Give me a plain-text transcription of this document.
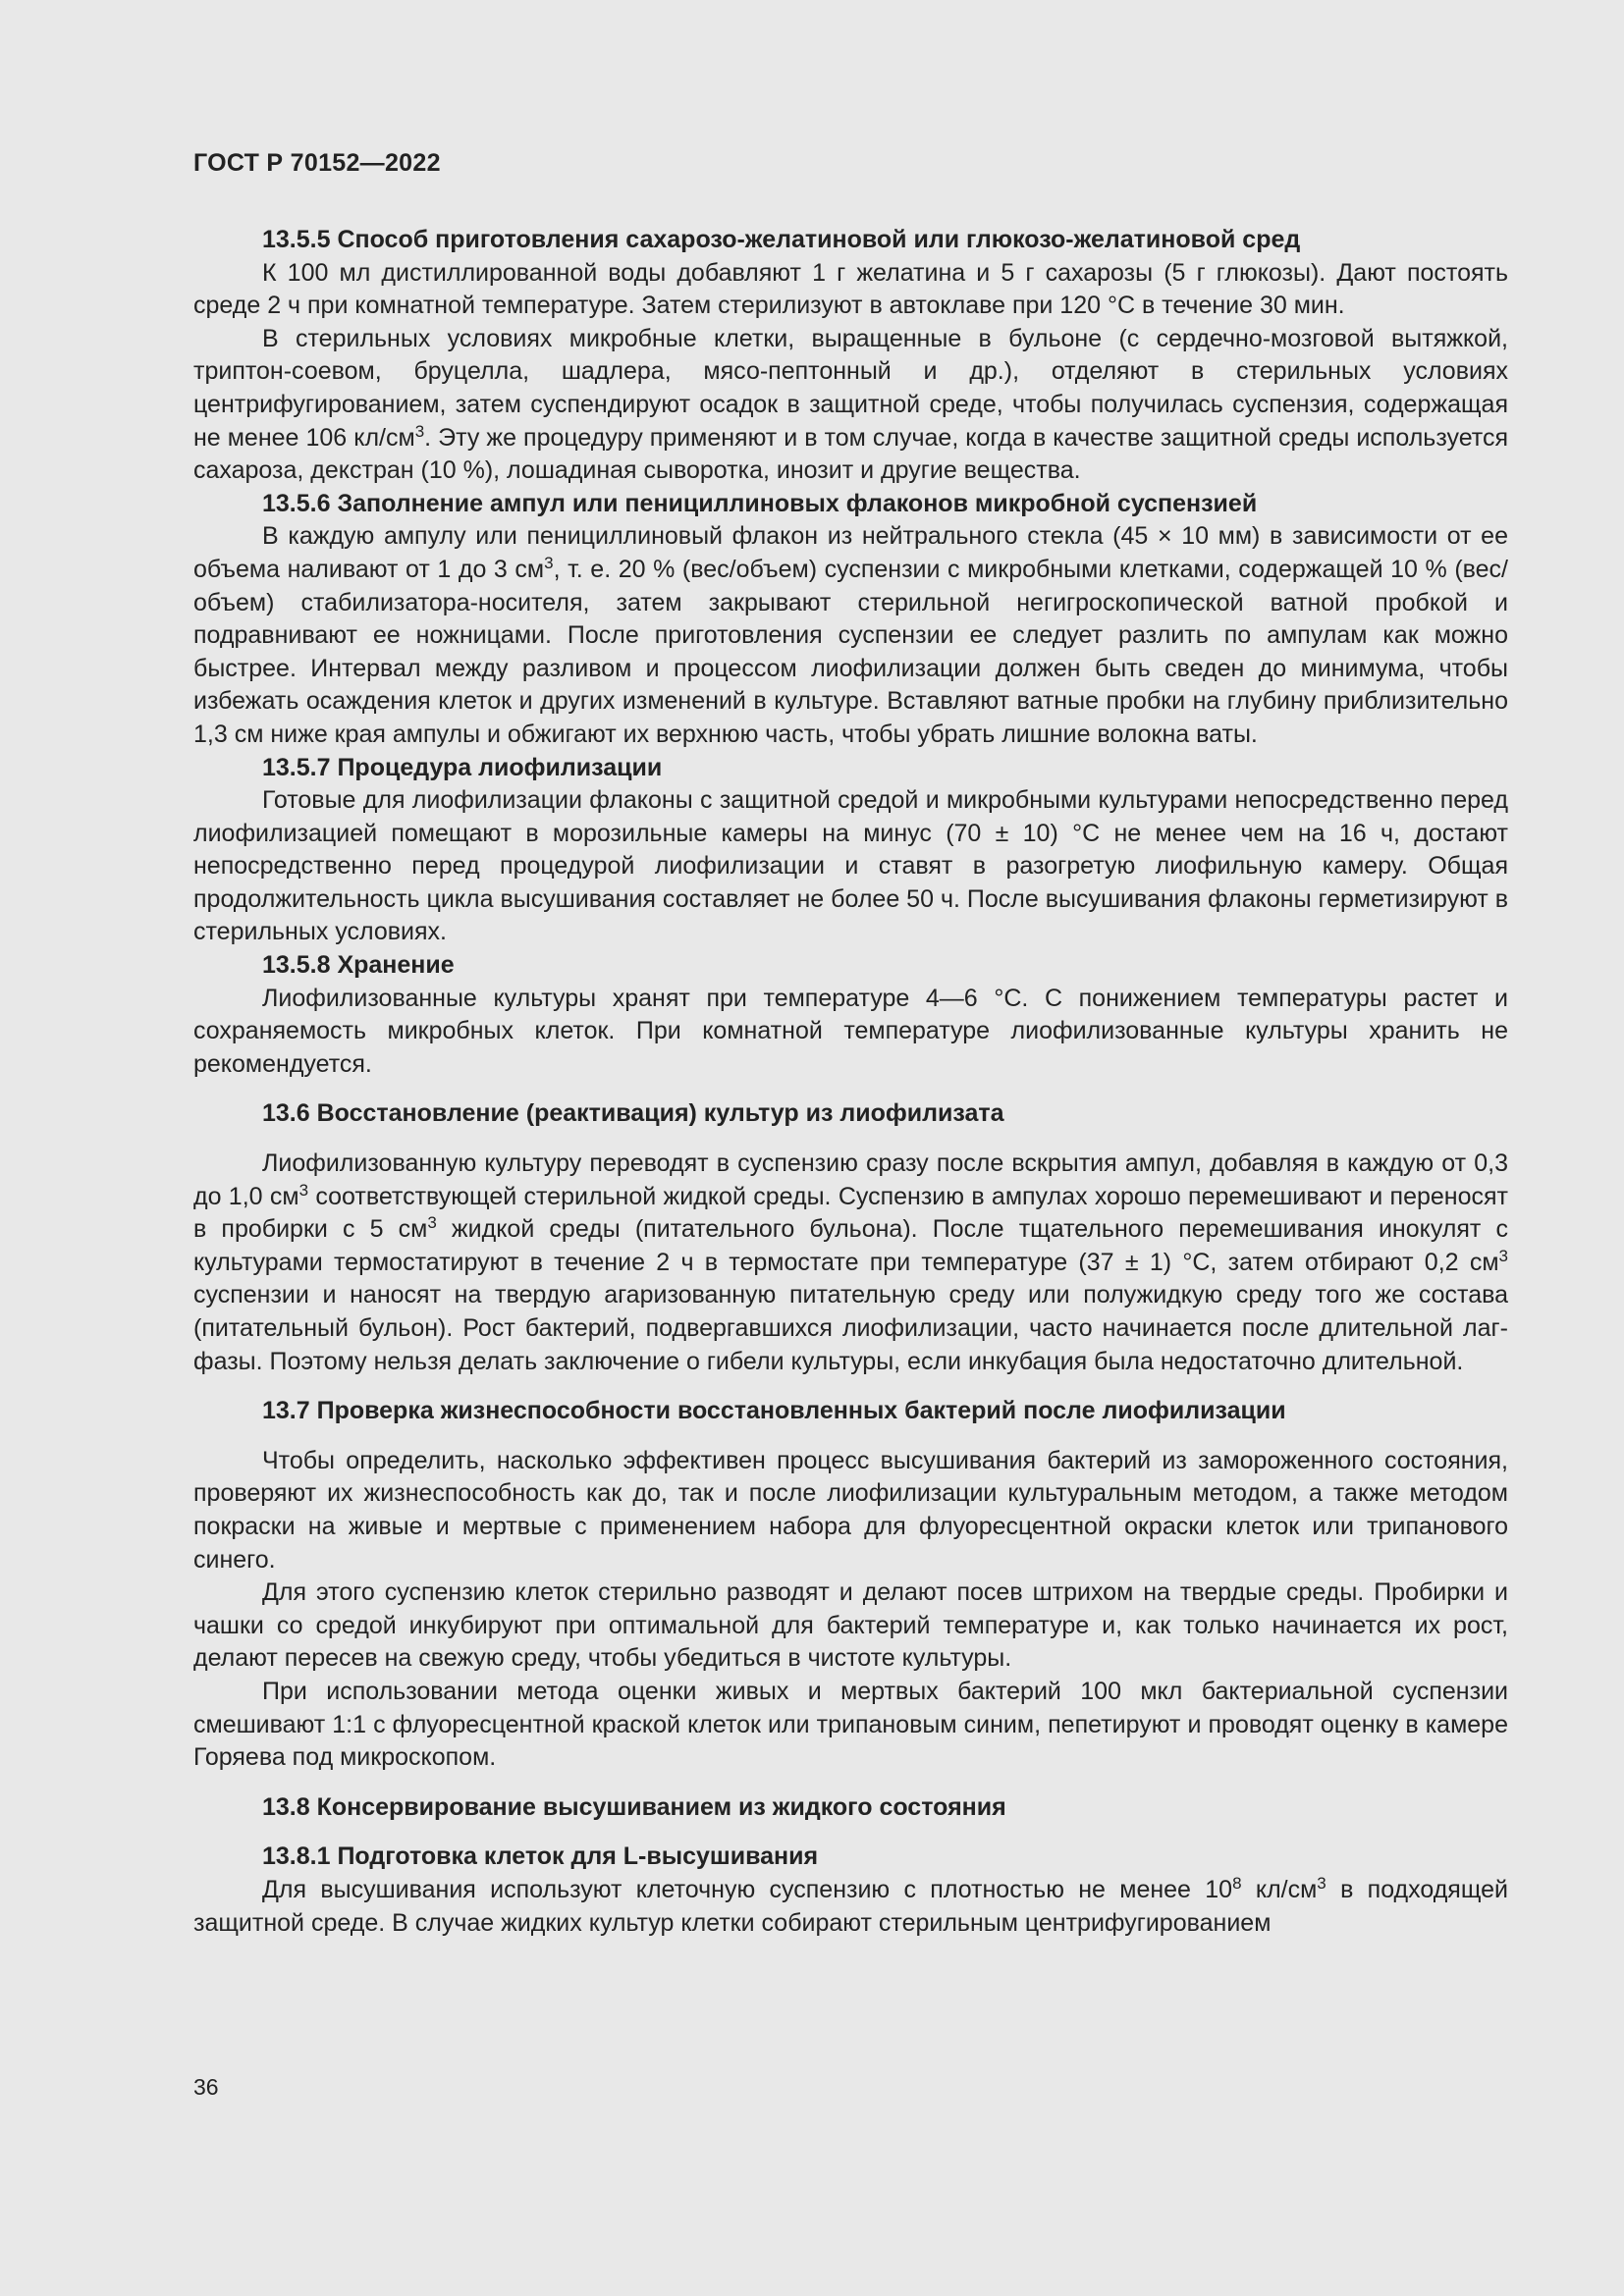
ГОСТ Р 70152—2022
13.5.5 Способ приготовления сахарозо-желатиновой или глюкозо-желатиновой сред
К 100 мл дистиллированной воды добавляют 1 г желатина и 5 г сахарозы (5 г глюкозы). Дают постоять среде 2 ч при комнатной температуре. Затем стерилизуют в автоклаве при 120 °С в течение 30 мин.
В стерильных условиях микробные клетки, выращенные в бульоне (с сердечно-мозговой вытяжкой, триптон-соевом, бруцелла, шадлера, мясо-пептонный и др.), отделяют в стерильных условиях центрифугированием, затем суспендируют осадок в защитной среде, чтобы получилась суспензия, содержащая не менее 106 $кл/см^3$. Эту же процедуру применяют и в том случае, когда в качестве защитной среды используется сахароза, декстран (10 %), лошадиная сыворотка, инозит и другие вещества.
13.5.6 Заполнение ампул или пенициллиновых флаконов микробной суспензией
В каждую ампулу или пенициллиновый флакон из нейтрального стекла (45 × 10 мм) в зависимости от ее объема наливают от 1 до 3 $см^3$, т. е. 20 % (вес/объем) суспензии с микробными клетками, содержащей 10 % (вес/объем) стабилизатора-носителя, затем закрывают стерильной негигроскопической ватной пробкой и подравнивают ее ножницами. После приготовления суспензии ее следует разлить по ампулам как можно быстрее. Интервал между разливом и процессом лиофилизации должен быть сведен до минимума, чтобы избежать осаждения клеток и других изменений в культуре. Вставляют ватные пробки на глубину приблизительно 1,3 см ниже края ампулы и обжигают их верхнюю часть, чтобы убрать лишние волокна ваты.
13.5.7 Процедура лиофилизации
Готовые для лиофилизации флаконы с защитной средой и микробными культурами непосредственно перед лиофилизацией помещают в морозильные камеры на минус (70 ± 10) °С не менее чем на 16 ч, достают непосредственно перед процедурой лиофилизации и ставят в разогретую лиофильную камеру. Общая продолжительность цикла высушивания составляет не более 50 ч. После высушивания флаконы герметизируют в стерильных условиях.
13.5.8 Хранение
Лиофилизованные культуры хранят при температуре 4—6 °С. С понижением температуры растет и сохраняемость микробных клеток. При комнатной температуре лиофилизованные культуры хранить не рекомендуется.
13.6 Восстановление (реактивация) культур из лиофилизата
Лиофилизованную культуру переводят в суспензию сразу после вскрытия ампул, добавляя в каждую от 0,3 до 1,0 $см^3$ соответствующей стерильной жидкой среды. Суспензию в ампулах хорошо перемешивают и переносят в пробирки с 5 $см^3$ жидкой среды (питательного бульона). После тщательного перемешивания инокулят с культурами термостатируют в течение 2 ч в термостате при температуре (37 ± 1) °С, затем отбирают 0,2 $см^3$ суспензии и наносят на твердую агаризованную питательную среду или полужидкую среду того же состава (питательный бульон). Рост бактерий, подвергавшихся лиофилизации, часто начинается после длительной лаг-фазы. Поэтому нельзя делать заключение о гибели культуры, если инкубация была недостаточно длительной.
13.7 Проверка жизнеспособности восстановленных бактерий после лиофилизации
Чтобы определить, насколько эффективен процесс высушивания бактерий из замороженного состояния, проверяют их жизнеспособность как до, так и после лиофилизации культуральным методом, а также методом покраски на живые и мертвые с применением набора для флуоресцентной окраски клеток или трипанового синего.
Для этого суспензию клеток стерильно разводят и делают посев штрихом на твердые среды. Пробирки и чашки со средой инкубируют при оптимальной для бактерий температуре и, как только начинается их рост, делают пересев на свежую среду, чтобы убедиться в чистоте культуры.
При использовании метода оценки живых и мертвых бактерий 100 мкл бактериальной суспензии смешивают 1:1 с флуоресцентной краской клеток или трипановым синим, пепетируют и проводят оценку в камере Горяева под микроскопом.
13.8 Консервирование высушиванием из жидкого состояния
13.8.1 Подготовка клеток для L-высушивания
Для высушивания используют клеточную суспензию с плотностью не менее $10^8$ $кл/см^3$ в подходящей защитной среде. В случае жидких культур клетки собирают стерильным центрифугированием
36
